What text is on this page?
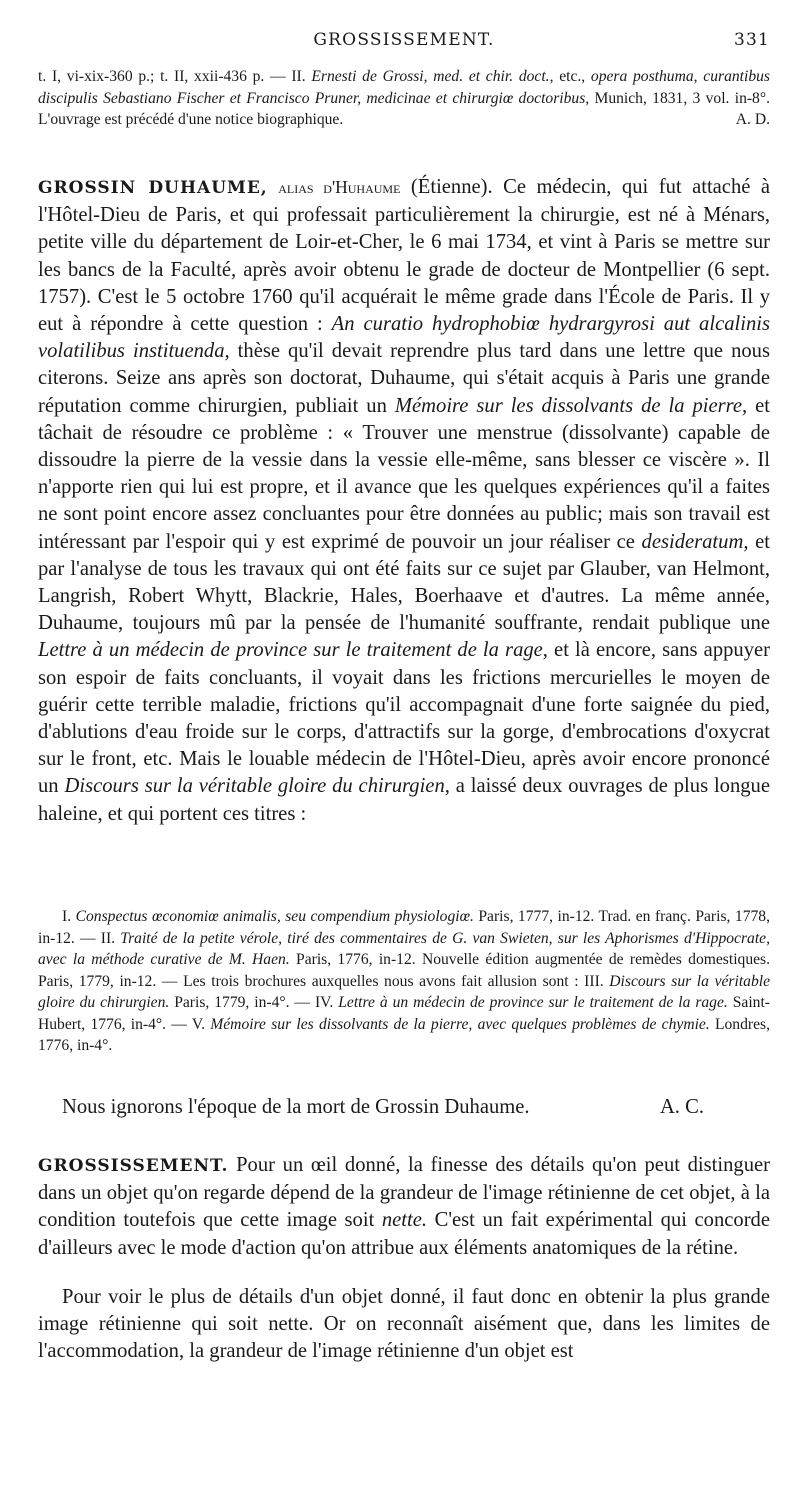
GROSSISSEMENT.	331

t. I, vi-xix-360 p.; t. II, xxii-436 p. — II. Ernesti de Grossi, med. et chir. doct., etc., opera posthuma, curantibus discipulis Sebastiano Fischer et Francisco Pruner, medicinae et chirurgiœ doctoribus, Munich, 1831, 3 vol. in-8°. L'ouvrage est précédé d'une notice biographique.	A. D.

GROSSIN DUHAUME, alias d'Huhaume (Étienne). Ce médecin, qui fut attaché à l'Hôtel-Dieu de Paris, et qui professait particulièrement la chirurgie, est né à Ménars, petite ville du département de Loir-et-Cher, le 6 mai 1734, et vint à Paris se mettre sur les bancs de la Faculté, après avoir obtenu le grade de docteur de Montpellier (6 sept. 1757). C'est le 5 octobre 1760 qu'il acquérait le même grade dans l'École de Paris. Il y eut à répondre à cette question : An curatio hydrophobiœ hydrargyrosi aut alcalinis volatilibus instituenda, thèse qu'il devait reprendre plus tard dans une lettre que nous citerons. Seize ans après son doctorat, Duhaume, qui s'était acquis à Paris une grande réputation comme chirurgien, publiait un Mémoire sur les dissolvants de la pierre, et tâchait de résoudre ce problème : « Trouver une menstrue (dissolvante) capable de dissoudre la pierre de la vessie dans la vessie elle-même, sans blesser ce viscère ». Il n'apporte rien qui lui est propre, et il avance que les quelques expériences qu'il a faites ne sont point encore assez concluantes pour être données au public; mais son travail est intéressant par l'espoir qui y est exprimé de pouvoir un jour réaliser ce desideratum, et par l'analyse de tous les travaux qui ont été faits sur ce sujet par Glauber, van Helmont, Langrish, Robert Whytt, Blackrie, Hales, Boerhaave et d'autres. La même année, Duhaume, toujours mû par la pensée de l'humanité souffrante, rendait publique une Lettre à un médecin de province sur le traitement de la rage, et là encore, sans appuyer son espoir de faits concluants, il voyait dans les frictions mercurielles le moyen de guérir cette terrible maladie, frictions qu'il accompagnait d'une forte saignée du pied, d'ablutions d'eau froide sur le corps, d'attractifs sur la gorge, d'embrocations d'oxycrat sur le front, etc. Mais le louable médecin de l'Hôtel-Dieu, après avoir encore prononcé un Discours sur la véritable gloire du chirurgien, a laissé deux ouvrages de plus longue haleine, et qui portent ces titres :

I. Conspectus œconomiœ animalis, seu compendium physiologiœ. Paris, 1777, in-12. Trad. en franç. Paris, 1778, in-12. — II. Traité de la petite vérole, tiré des commentaires de G. van Swieten, sur les Aphorismes d'Hippocrate, avec la méthode curative de M. Haen. Paris, 1776, in-12. Nouvelle édition augmentée de remèdes domestiques. Paris, 1779, in-12. — Les trois brochures auxquelles nous avons fait allusion sont : III. Discours sur la véritable gloire du chirurgien. Paris, 1779, in-4°. — IV. Lettre à un médecin de province sur le traitement de la rage. Saint-Hubert, 1776, in-4°. — V. Mémoire sur les dissolvants de la pierre, avec quelques problèmes de chymie. Londres, 1776, in-4°.

Nous ignorons l'époque de la mort de Grossin Duhaume.	A. C.

GROSSISSEMENT. Pour un œil donné, la finesse des détails qu'on peut distinguer dans un objet qu'on regarde dépend de la grandeur de l'image rétinienne de cet objet, à la condition toutefois que cette image soit nette. C'est un fait expérimental qui concorde d'ailleurs avec le mode d'action qu'on attribue aux éléments anatomiques de la rétine.

Pour voir le plus de détails d'un objet donné, il faut donc en obtenir la plus grande image rétinienne qui soit nette. Or on reconnaît aisément que, dans les limites de l'accommodation, la grandeur de l'image rétinienne d'un objet est
